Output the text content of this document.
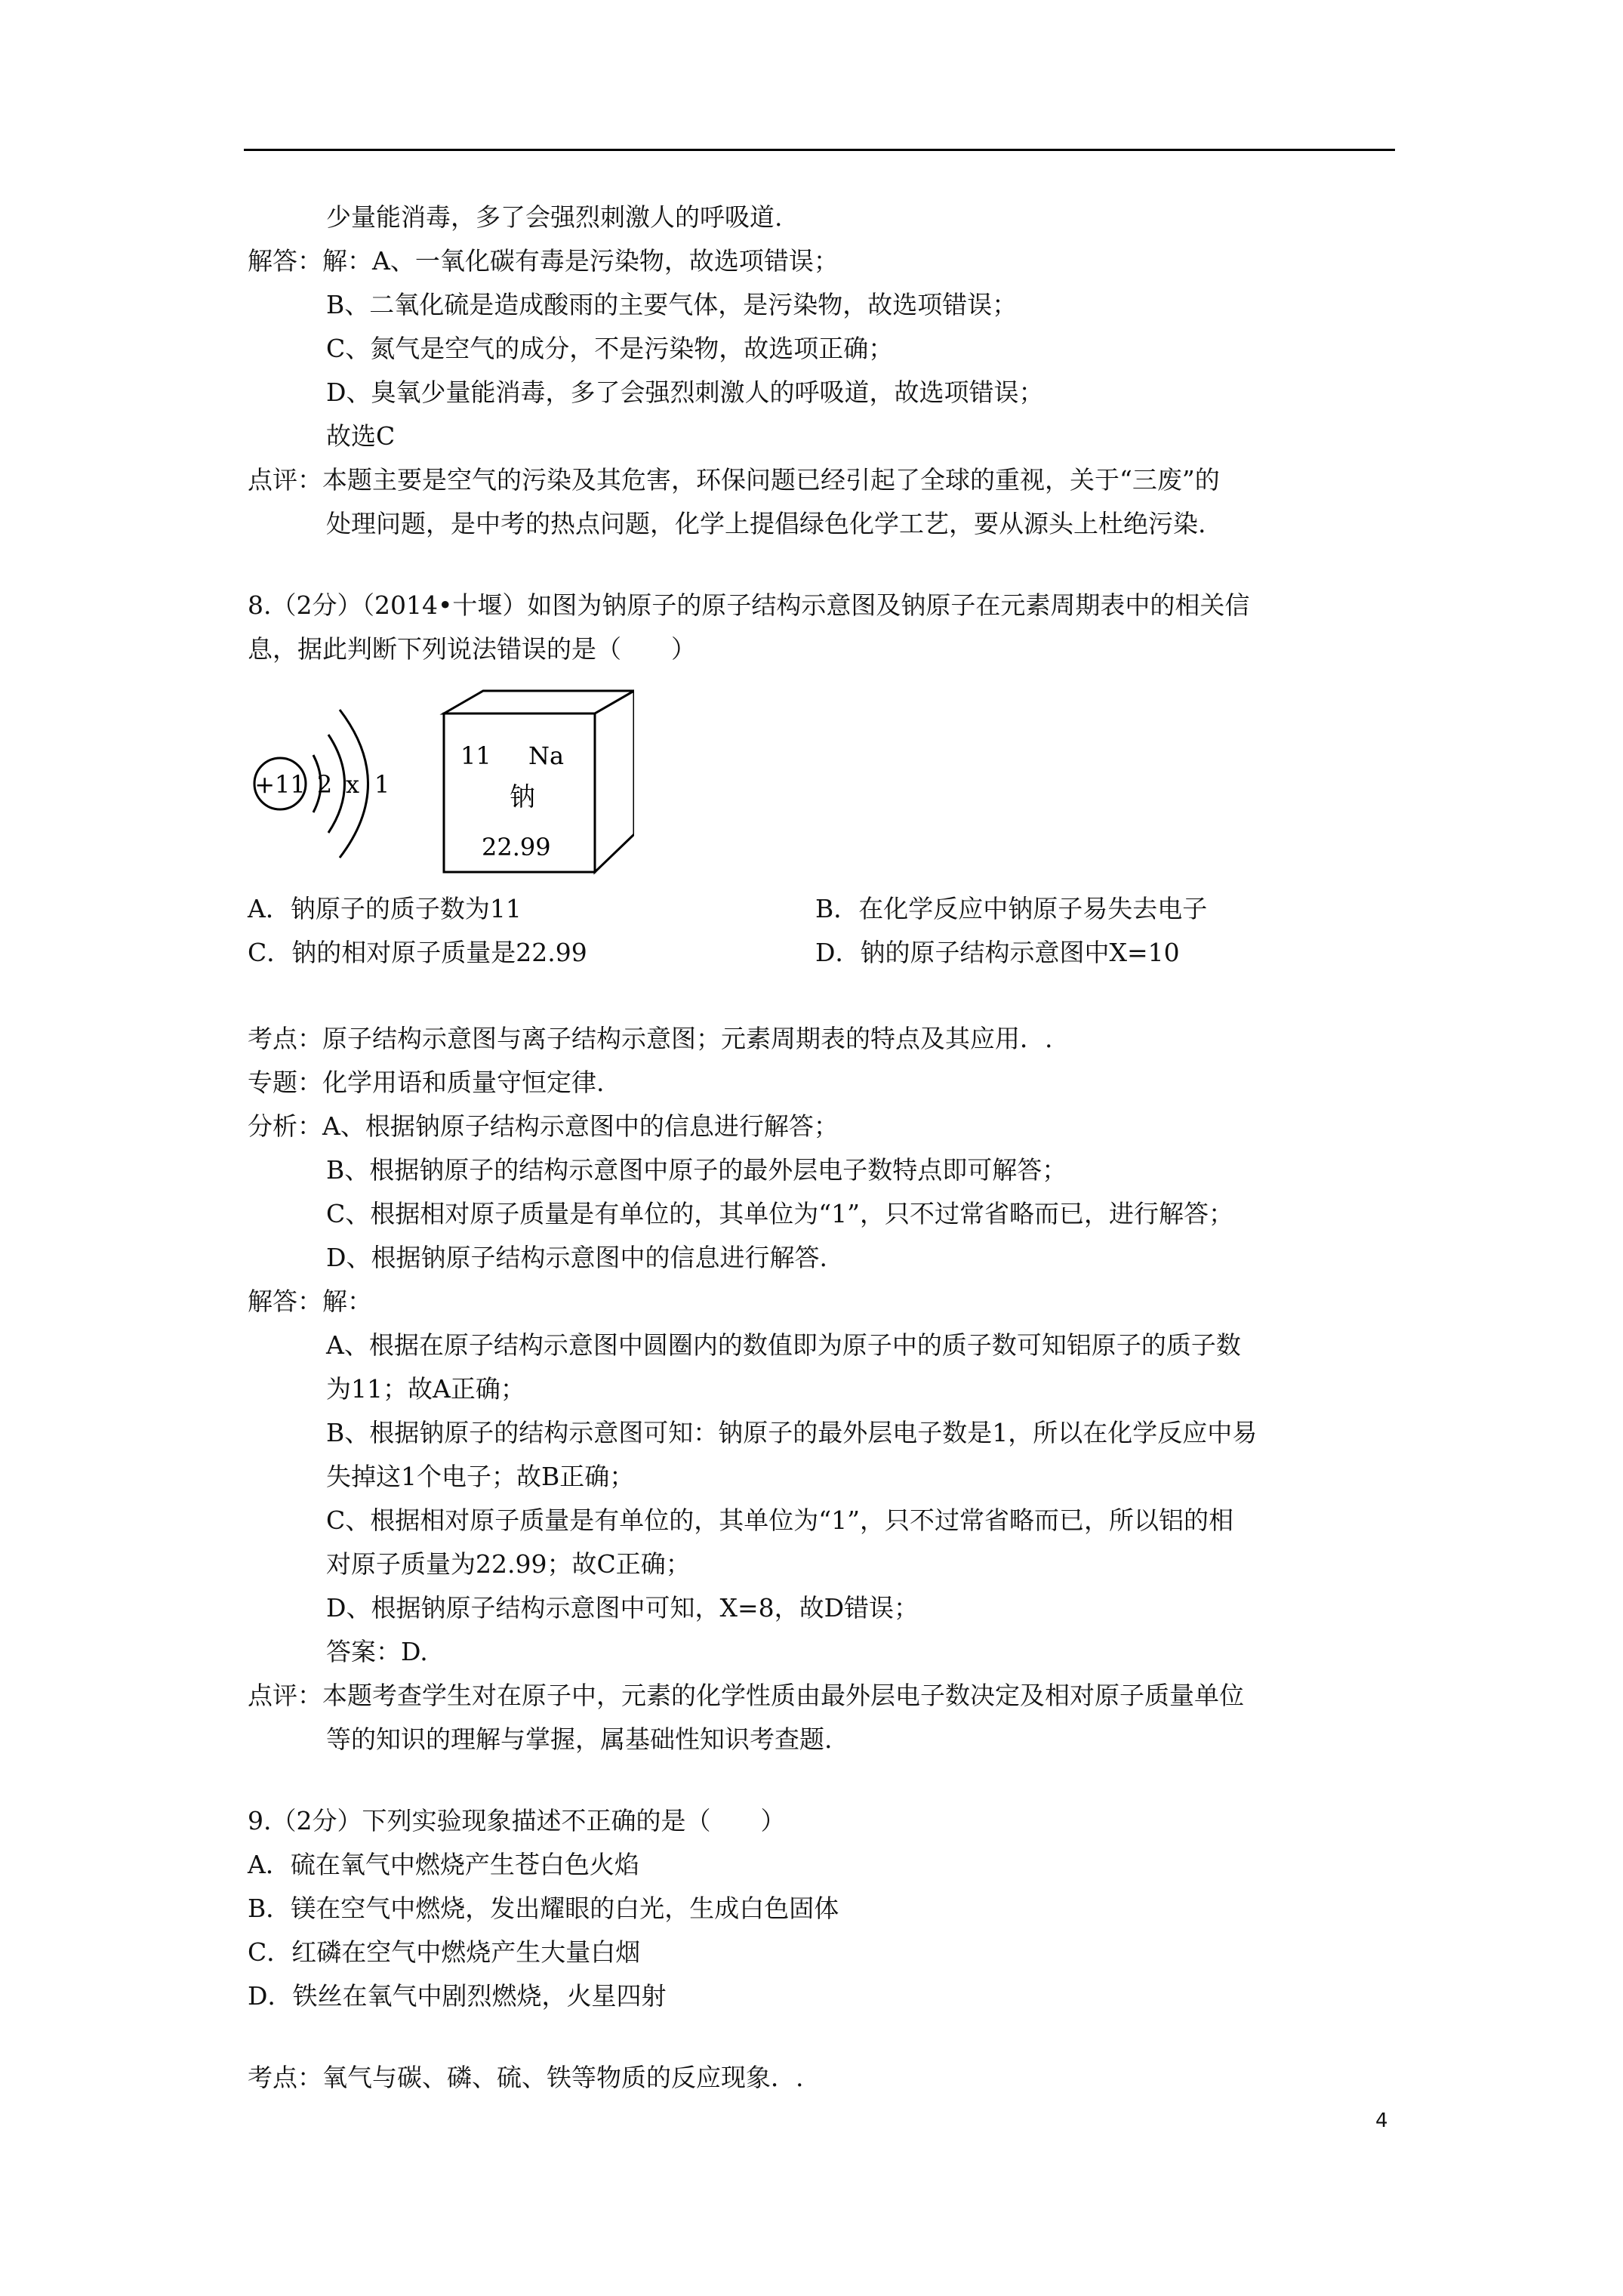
少量能消毒，多了会强烈刺激人的呼吸道.
解答：解：A、一氧化碳有毒是污染物，故选项错误；
B、二氧化硫是造成酸雨的主要气体，是污染物，故选项错误；
C、氮气是空气的成分，不是污染物，故选项正确；
D、臭氧少量能消毒，多了会强烈刺激人的呼吸道，故选项错误；
故选C
点评：本题主要是空气的污染及其危害，环保问题已经引起了全球的重视，关于“三废”的
处理问题，是中考的热点问题，化学上提倡绿色化学工艺，要从源头上杜绝污染.
8.（2分）（2014•十堰）如图为钠原子的原子结构示意图及钠原子在元素周期表中的相关信
息，据此判断下列说法错误的是（　　）
+11 2 x 1
11 Na
钠
22.99
A．钠原子的质子数为11	B．在化学反应中钠原子易失去电子
C．钠的相对原子质量是22.99	D．钠的原子结构示意图中X=10
考点：原子结构示意图与离子结构示意图；元素周期表的特点及其应用．.
专题：化学用语和质量守恒定律.
分析：A、根据钠原子结构示意图中的信息进行解答；
B、根据钠原子的结构示意图中原子的最外层电子数特点即可解答；
C、根据相对原子质量是有单位的，其单位为“1”，只不过常省略而已，进行解答；
D、根据钠原子结构示意图中的信息进行解答.
解答：解：
A、根据在原子结构示意图中圆圈内的数值即为原子中的质子数可知铝原子的质子数
为11；故A正确；
B、根据钠原子的结构示意图可知：钠原子的最外层电子数是1，所以在化学反应中易
失掉这1个电子；故B正确；
C、根据相对原子质量是有单位的，其单位为“1”，只不过常省略而已，所以铝的相
对原子质量为22.99；故C正确；
D、根据钠原子结构示意图中可知，X=8，故D错误；
答案：D.
点评：本题考查学生对在原子中，元素的化学性质由最外层电子数决定及相对原子质量单位
等的知识的理解与掌握，属基础性知识考查题.
9.（2分）下列实验现象描述不正确的是（　　）
A．硫在氧气中燃烧产生苍白色火焰
B．镁在空气中燃烧，发出耀眼的白光，生成白色固体
C．红磷在空气中燃烧产生大量白烟
D．铁丝在氧气中剧烈燃烧，火星四射
考点：氧气与碳、磷、硫、铁等物质的反应现象．.
4
